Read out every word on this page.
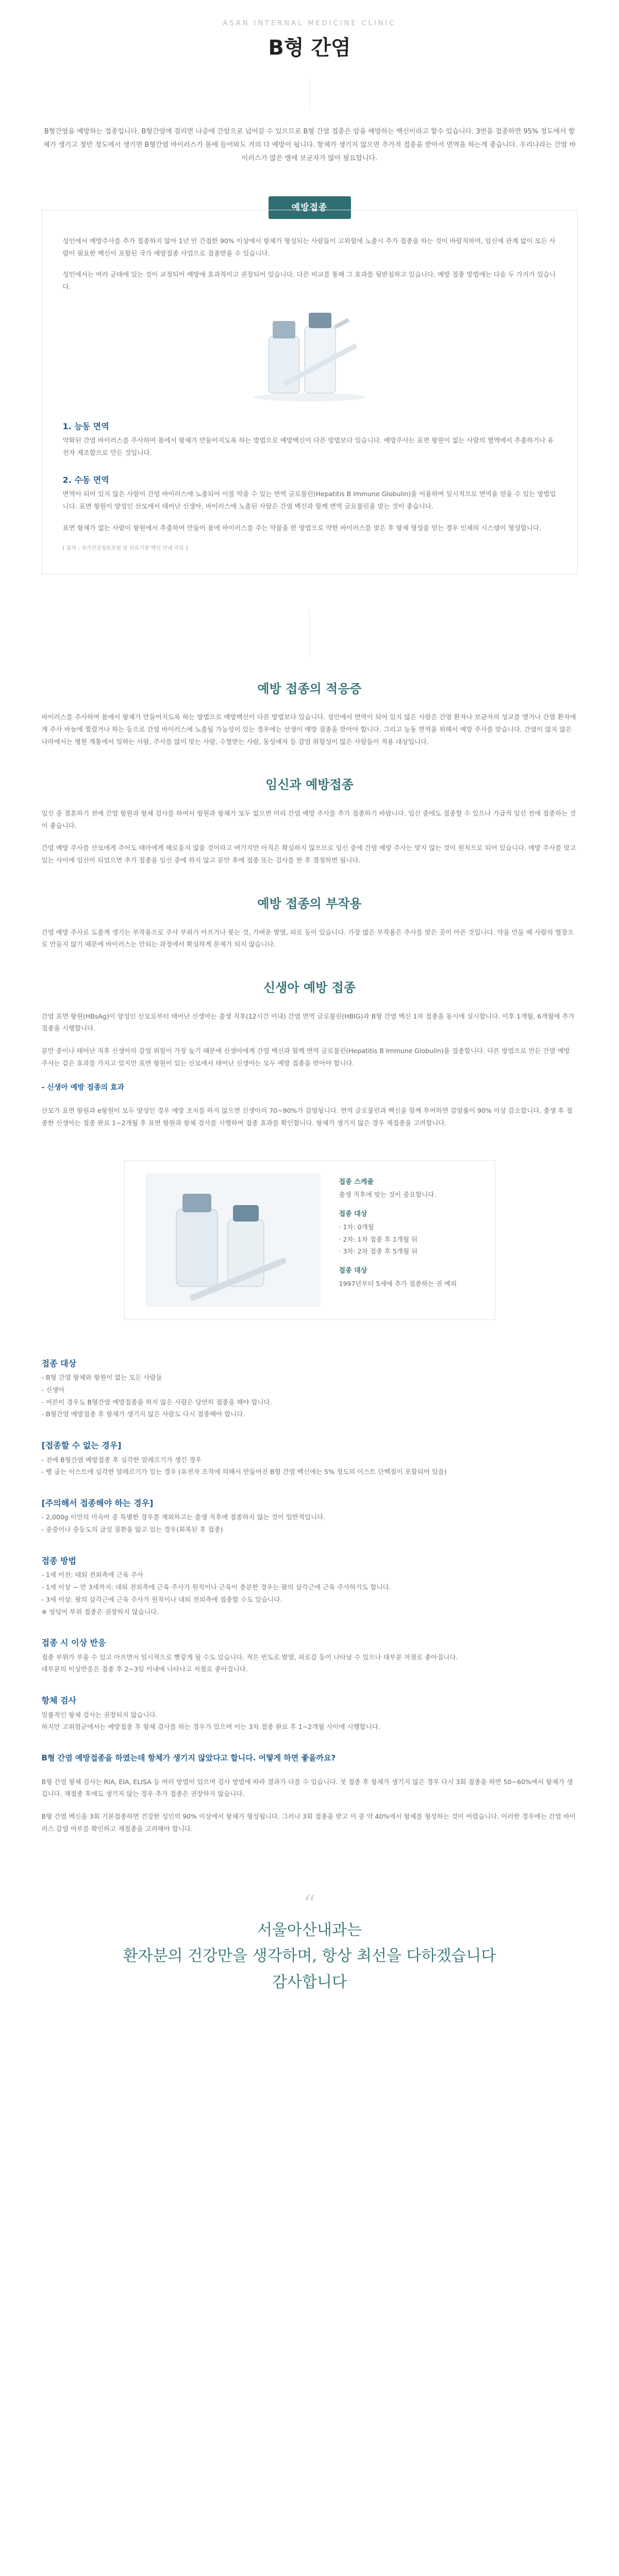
ASAN INTERNAL MEDICINE CLINIC
B형 간염

B형간염을 예방하는 접종입니다. B형간염에 걸리면 나중에 간암으로 넘어갈 수 있으므로 B형 간염 접종은 암을 예방하는 백신이라고 할수 있습니다. 3번을 접종하면 95% 정도에서 항체가 생기고 절반 정도에서 생기면 B형간염 바이러스가 몸에 들어와도 거의 다 예방이 됩니다. 항체가 생기지 않으면 추가적 접종을 받아서 면역을 하는게 좋습니다. 우리나라는 간염 바이러스가 많은 병에 보균자가 많아 필요합니다.

예방접종

성인에서 예방주사를 추가 접종하지 않아 1년 안 간접한 90% 이상에서 항체가 형성되는 사람들이 고위험에 노출시 추가 접종을 하는 것이 바람직하며, 임신에 관계 없이 모든 사람이 필요한 백신이 포함된 국가 예방접종 사업으로 접종받을 수 있습니다.

성인에서는 여러 군데에 있는 것이 교정되어 예방에 효과적이고 권장되어 있습니다. 다른 비교를 통해 그 효과를 뒷받침하고 있습니다. 예방 접종 방법에는 다음 두 가지가 있습니다.

1. 능동 면역

약화된 간염 바이러스를 주사하여 몸에서 항체가 만들어지도록 하는 방법으로 예방백신이 다른 방법보다 있습니다. 예방주사는 표면 항원이 없는 사람의 혈액에서 추출하거나 유전자 재조합으로 만든 것입니다.

2. 수동 면역

면역이 되어 있지 않은 사람이 간염 바이러스에 노출되어 이를 막을 수 있는 면역 글로불린(Hepatitis B Immune Globulin)을 이용하여 일시적으로 면역을 얻을 수 있는 방법입니다. 표면 항원이 양성인 산모에서 태어난 신생아, 바이러스에 노출된 사람은 간염 백신과 함께 면역 글로불린을 맞는 것이 좋습니다.

표면 항체가 없는 사람이 항원에서 추출하여 만들어 몸에 바이러스를 주는 약물을 한 방법으로 약한 바이러스를 맞은 후 항체 형성을 얻는 경우 인체의 시스템이 형성합니다.

[ 출처 : 국가건강정보포털 및 의료기관 백신 안내 자료 ]
예방 접종의 적응증

바이러스를 주사하여 몸에서 항체가 만들어지도록 하는 방법으로 예방백신이 다른 방법보다 있습니다. 성인에서 면역이 되어 있지 않은 사람은 간염 환자나 보균자의 성교를 맺거나 간염 환자에게 주사 바늘에 찔렸거나 하는 등으로 간염 바이러스에 노출될 가능성이 있는 경우에는 선생이 예방 접종을 받아야 합니다. 그리고 능동 면역을 위해서 예방 주사를 맞습니다. 간염이 많지 않은 나라에서는 병원 계통에서 일하는 사람, 주사를 많이 맞는 사람, 수혈받는 사람, 동성애자 등 감염 위험성이 많은 사람들이 적용 대상입니다.

임신과 예방접종

임신 중 결혼하기 전에 간염 항원과 항체 검사를 하여서 항원과 항체가 모두 없으면 미리 간염 예방 주사를 추가 접종하기 바랍니다. 임신 중에도 접종할 수 있으나 가급적 임신 전에 접종하는 것이 좋습니다.

간염 예방 주사를 산모에게 주어도 태아에게 해로울지 않을 것이라고 여기지만 아직은 확실하지 않으므로 임신 중에 간염 예방 주사는 맞지 않는 것이 원칙으로 되어 있습니다. 예방 주사를 맞고 있는 사이에 임신이 되었으면 추가 접종을 임신 중에 하지 않고 분만 후에 접종 또는 검사를 한 후 결정하면 됩니다.

예방 접종의 부작용

간염 예방 주사로 도출게 생기는 부작용으로 주사 부위가 아프거나 붓는 것, 가벼운 발열, 피로 등이 있습니다. 가장 많은 부작용은 주사를 맞은 곳이 아픈 것입니다. 약을 만들 때 사람의 혈장으로 만들지 않기 때문에 바이러스는 안되는 과정에서 확실하게 문제가 되지 않습니다.

신생아 예방 접종

간염 표면 항원(HBsAg)이 양성인 산모로부터 태어난 신생아는 출생 직후(12시간 이내) 간염 면역 글로불린(HBIG)과 B형 간염 백신 1차 접종을 동시에 실시합니다. 이후 1개월, 6개월에 추가 접종을 시행합니다.

분만 중이나 태어난 직후 신생아의 감염 위험이 가장 높기 때문에 신생아에게 간염 백신과 함께 면역 글로불린(Hepatitis B Immune Globulin)을 접종합니다. 다른 방법으로 만든 간염 예방 주사는 같은 효과를 가지고 있지만 표면 항원이 있는 산모에서 태어난 신생아는 모두 예방 접종을 받아야 합니다.

- 신생아 예방 접종의 효과

산모가 표면 항원과 e항원이 모두 양성인 경우 예방 조치를 하지 않으면 신생아의 70~90%가 감염됩니다. 면역 글로불린과 백신을 함께 투여하면 감염률이 90% 이상 감소합니다. 출생 후 접종한 신생아는 접종 완료 1~2개월 후 표면 항원과 항체 검사를 시행하여 접종 효과를 확인합니다. 항체가 생기지 않은 경우 재접종을 고려합니다.

접종 스케줄
출생 직후에 맞는 것이 중요합니다.
접종 대상
· 1차: 0개월
· 2차: 1차 접종 후 1개월 뒤
· 3차: 2차 접종 후 5개월 뒤
접종 대상
1997년부터 5세에 추가 접종하는 권 예외
접종 대상
- B형 간염 항체와 항원이 없는 모든 사람들
- 신생아
- 어른이 경우도 B형간염 예방접종을 하지 않은 사람은 당연히 접종을 해야 합니다.
- B형간염 예방접종 후 항체가 생기지 않은 사람도 다시 접종해야 합니다.
[접종할 수 없는 경우]
- 전에 B형간염 예방접종 후 심각한 알레르기가 생긴 경우
- 빵 굽는 이스트에 심각한 알레르기가 있는 경우 (유전자 조작에 의해서 만들어진 B형 간염 백신에는 5% 정도의 이스트 단백질이 포함되어 있음)
[주의해서 접종해야 하는 경우]
- 2,000g 이만의 미숙아 중 특별한 경우를 제외하고는 출생 직후에 접종하지 않는 것이 일반적입니다.
- 중증이나 중등도의 급성 질환을 앓고 있는 경우(회복된 후 접종)
접종 방법
- 1세 이전: 대퇴 전외측에 근육 주사
- 1세 이상 ~ 만 3세까지: 대퇴 전외측에 근육 주사가 원칙이나 근육이 충분한 경우는 팔의 삼각근에 근육 주사하기도 합니다.
- 3세 이상: 팔의 삼각근에 근육 주사가 원칙이나 대퇴 전외측에 접종할 수도 있습니다.
※ 엉덩이 부위 접종은 권장하지 않습니다.
접종 시 이상 반응
접종 부위가 부을 수 있고 아프면서 일시적으로 빨갛게 될 수도 있습니다. 적은 빈도로 발열, 피로감 등이 나타날 수 있으나 대부분 저절로 좋아집니다.
대부분의 이상반응은 접종 후 2~3일 이내에 나타나고 저절로 좋아집니다.
항체 검사
일률적인 항체 검사는 권장되지 않습니다.
하지만 고위험군에서는 예방접종 후 항체 검사를 하는 경우가 있으며 이는 3차 접종 완료 후 1~2개월 사이에 시행합니다.
B형 간염 예방접종을 하였는데 항체가 생기지 않았다고 합니다. 어떻게 하면 좋을까요?

B형 간염 항체 검사는 RIA, EIA, ELISA 등 여러 방법이 있으며 검사 방법에 따라 결과가 다를 수 있습니다. 첫 접종 후 항체가 생기지 않은 경우 다시 3회 접종을 하면 50~60%에서 항체가 생깁니다. 재접종 후에도 생기지 않는 경우 추가 접종은 권장하지 않습니다.

B형 간염 백신을 3회 기본접종하면 건강한 성인의 90% 이상에서 항체가 형성됩니다. 그러나 3회 접종을 받고 이 중 약 40%에서 항체를 형성하는 것이 어렵습니다. 이러한 경우에는 간염 바이러스 감염 여부를 확인하고 재접종을 고려해야 합니다.

“
서울아산내과는
환자분의 건강만을 생각하며, 항상 최선을 다하겠습니다
감사합니다
